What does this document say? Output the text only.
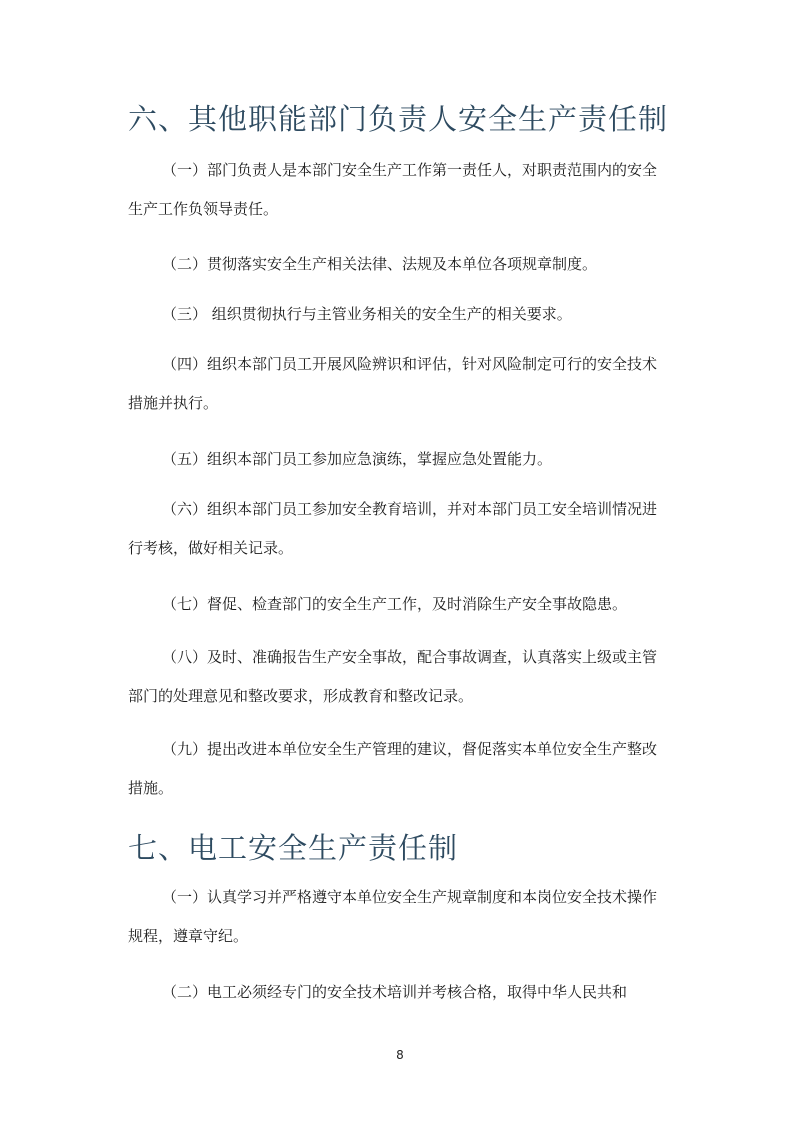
六、其他职能部门负责人安全生产责任制

（一）部门负责人是本部门安全生产工作第一责任人，对职责范围内的安全生产工作负领导责任。

（二）贯彻落实安全生产相关法律、法规及本单位各项规章制度。

（三） 组织贯彻执行与主管业务相关的安全生产的相关要求。

（四）组织本部门员工开展风险辨识和评估，针对风险制定可行的安全技术措施并执行。

（五）组织本部门员工参加应急演练，掌握应急处置能力。

（六）组织本部门员工参加安全教育培训，并对本部门员工安全培训情况进行考核，做好相关记录。

（七）督促、检查部门的安全生产工作，及时消除生产安全事故隐患。

（八）及时、准确报告生产安全事故，配合事故调查，认真落实上级或主管部门的处理意见和整改要求，形成教育和整改记录。

（九）提出改进本单位安全生产管理的建议，督促落实本单位安全生产整改措施。

七、电工安全生产责任制

（一）认真学习并严格遵守本单位安全生产规章制度和本岗位安全技术操作规程，遵章守纪。

（二）电工必须经专门的安全技术培训并考核合格，取得中华人民共和

8
